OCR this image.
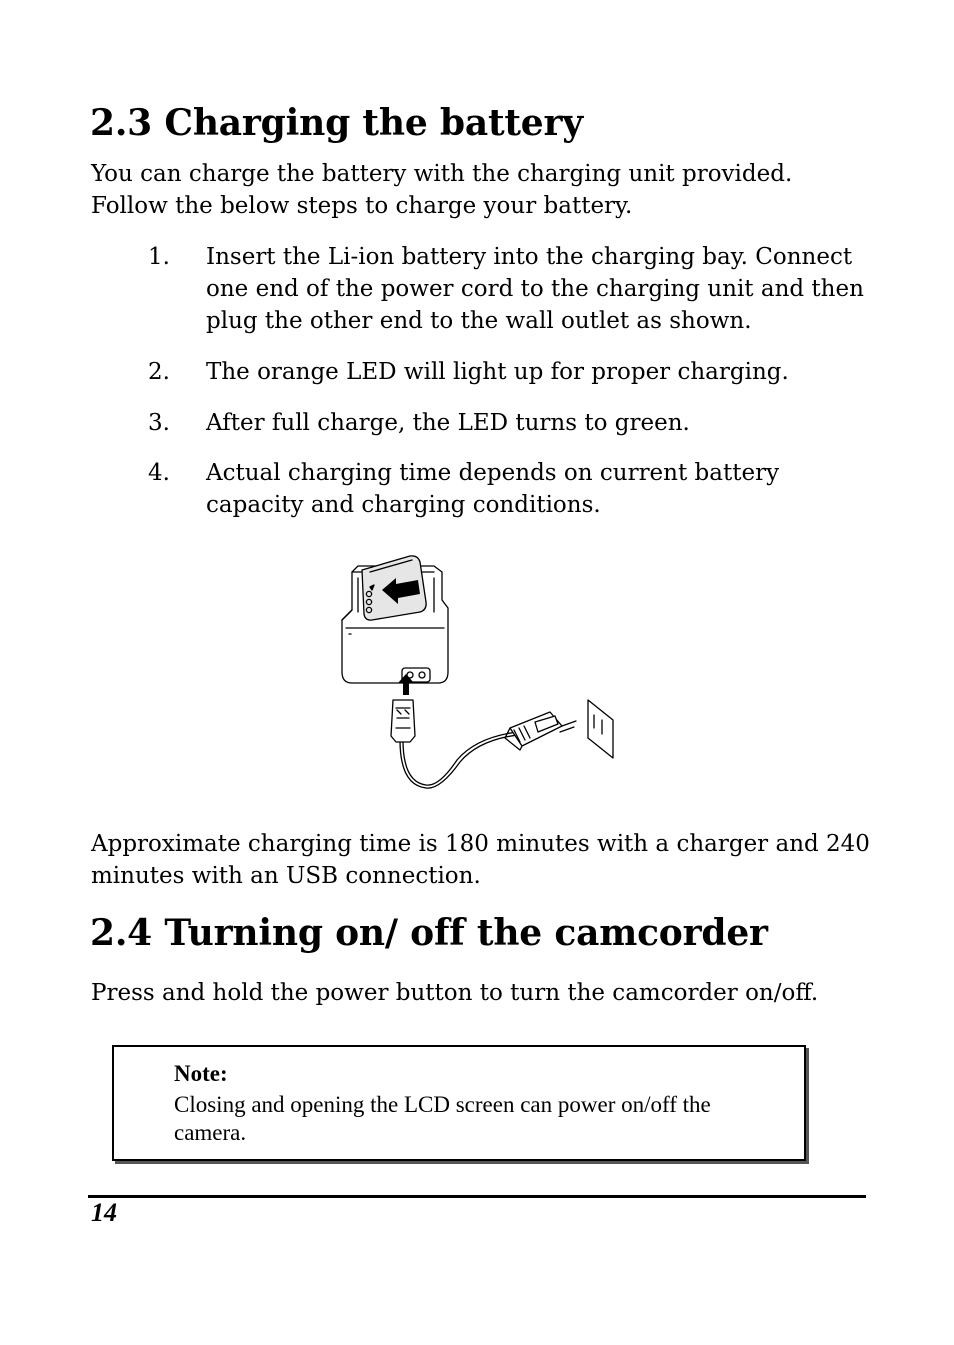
2.3 Charging the battery
You can charge the battery with the charging unit provided. Follow the below steps to charge your battery.
1. Insert the Li-ion battery into the charging bay. Connect one end of the power cord to the charging unit and then plug the other end to the wall outlet as shown.
2. The orange LED will light up for proper charging.
3. After full charge, the LED turns to green.
4. Actual charging time depends on current battery capacity and charging conditions.
Approximate charging time is 180 minutes with a charger and 240 minutes with an USB connection.
2.4 Turning on/ off the camcorder
Press and hold the power button to turn the camcorder on/off.
Note:
Closing and opening the LCD screen can power on/off the camera.
14
